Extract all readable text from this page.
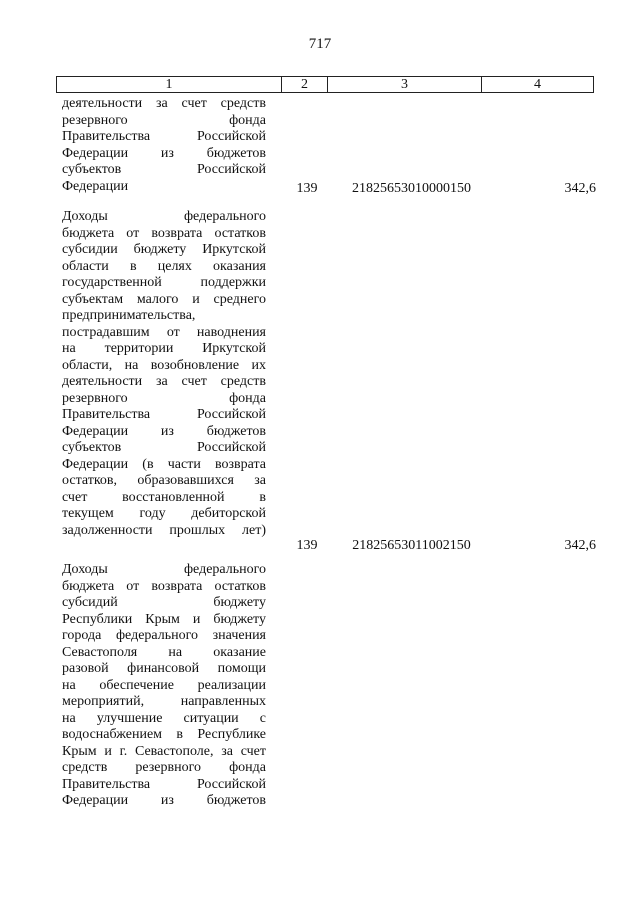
717
1	2	3	4
деятельности за счет средств
резервного фонда
Правительства Российской
Федерации из бюджетов
субъектов Российской
Федерации	139	21825653010000150	342,6
Доходы федерального
бюджета от возврата остатков
субсидии бюджету Иркутской
области в целях оказания
государственной поддержки
субъектам малого и среднего
предпринимательства,
пострадавшим от наводнения
на территории Иркутской
области, на возобновление их
деятельности за счет средств
резервного фонда
Правительства Российской
Федерации из бюджетов
субъектов Российской
Федерации (в части возврата
остатков, образовавшихся за
счет восстановленной в
текущем году дебиторской
задолженности прошлых лет)
139	21825653011002150	342,6
Доходы федерального
бюджета от возврата остатков
субсидий бюджету
Республики Крым и бюджету
города федерального значения
Севастополя на оказание
разовой финансовой помощи
на обеспечение реализации
мероприятий, направленных
на улучшение ситуации с
водоснабжением в Республике
Крым и г. Севастополе, за счет
средств резервного фонда
Правительства Российской
Федерации из бюджетов
